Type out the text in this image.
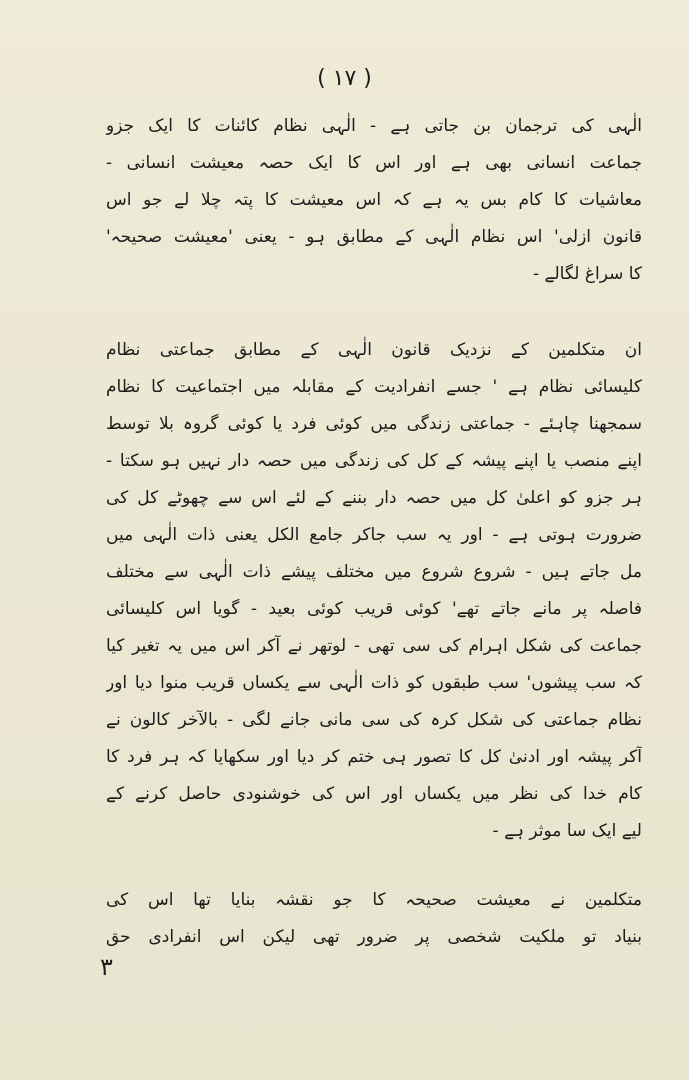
( ١٧ )

الٰہی کی ترجمان بن جاتی ہے - الٰہی نظام کائنات کا ایک جزو

جماعت انسانی بھی ہے اور اس کا ایک حصہ معیشت انسانی -

معاشیات کا کام بس یہ ہے کہ اس معیشت کا پتہ چلا لے جو اس

قانون ازلی' اس نظام الٰہی کے مطابق ہو - یعنی 'معیشت صحیحہ'

کا سراغ لگالے -

ان متکلمین کے نزدیک قانون الٰہی کے مطابق جماعتی نظام

کلیسائی نظام ہے ' جسے انفرادیت کے مقابلہ میں اجتماعیت کا نظام

سمجھنا چاہئے - جماعتی زندگی میں کوئی فرد یا کوئی گروہ بلا توسط

اپنے منصب یا اپنے پیشہ کے کل کی زندگی میں حصہ دار نہیں ہو سکتا -

ہر جزو کو اعلیٰ کل میں حصہ دار بننے کے لئے اس سے چھوٹے کل کی

ضرورت ہوتی ہے - اور یہ سب جاکر جامع الکل یعنی ذات الٰہی میں

مل جاتے ہیں - شروع شروع میں مختلف پیشے ذات الٰہی سے مختلف

فاصلہ پر مانے جاتے تھے' کوئی قریب کوئی بعید - گویا اس کلیسائی

جماعت کی شکل اہرام کی سی تھی - لوتھر نے آکر اس میں یہ تغیر کیا

کہ سب پیشوں' سب طبقوں کو ذات الٰہی سے یکساں قریب منوا دیا اور

نظام جماعتی کی شکل کرہ کی سی مانی جانے لگی - بالآخر کالون نے

آکر پیشہ اور ادنیٰ کل کا تصور ہی ختم کر دیا اور سکھایا کہ ہر فرد کا

کام خدا کی نظر میں یکساں اور اس کی خوشنودی حاصل کرنے کے

لیے ایک سا موثر ہے -

متکلمین نے معیشت صحیحہ کا جو نقشہ بنایا تھا اس کی

بنیاد تو ملکیت شخصی پر ضرور تھی لیکن اس انفرادی حق

٣
